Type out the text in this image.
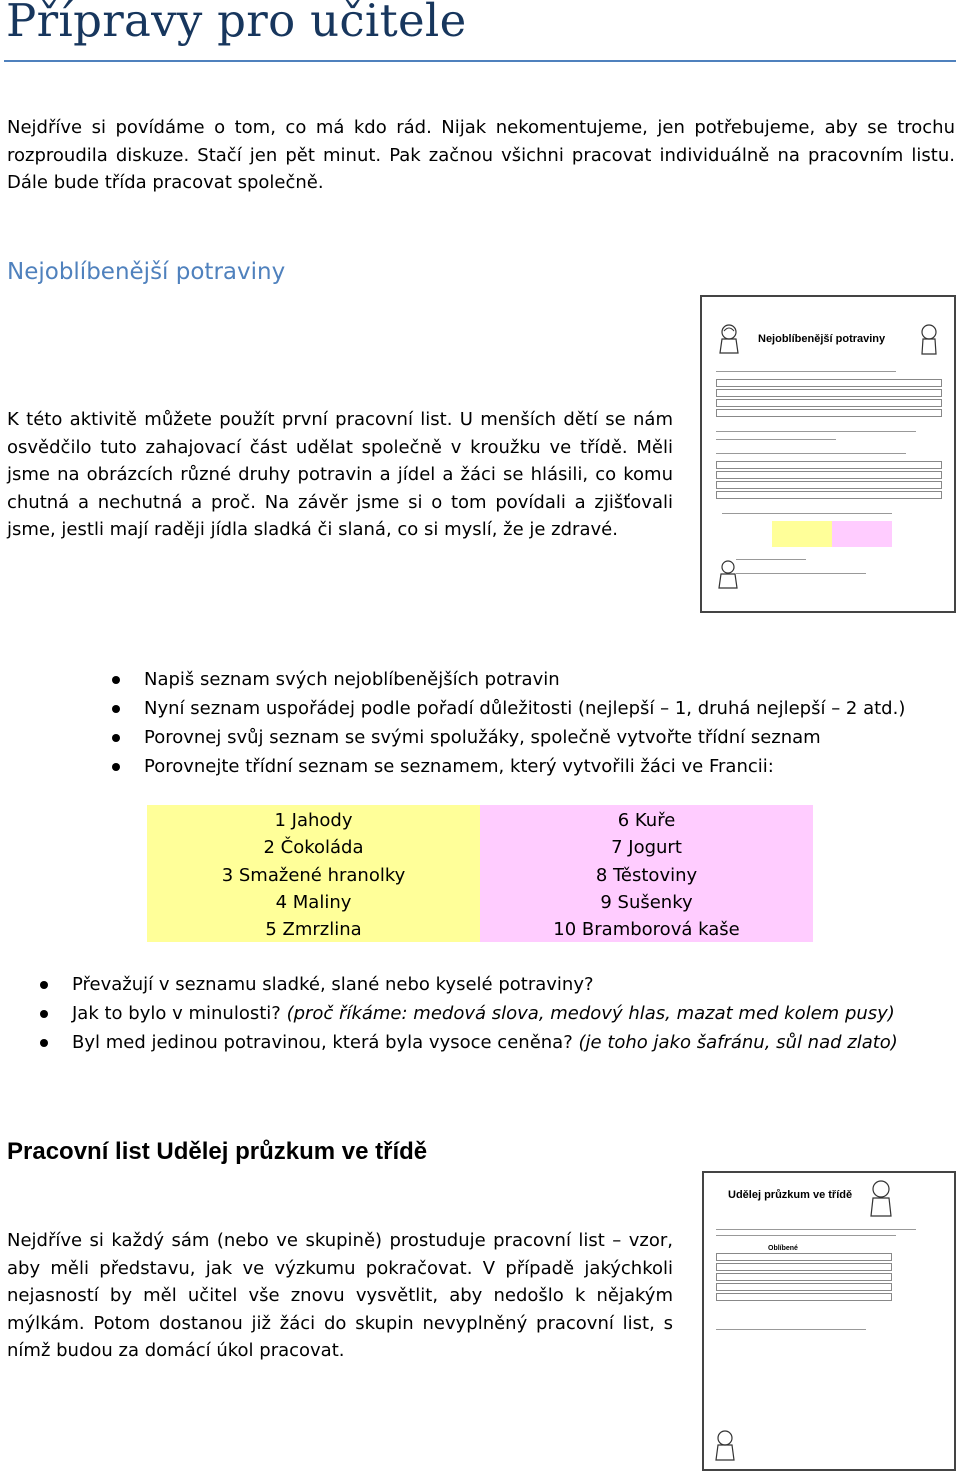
Přípravy pro učitele

Nejdříve si povídáme o tom, co má kdo rád. Nijak nekomentujeme, jen potřebujeme, aby se trochu rozproudila diskuze. Stačí jen pět minut. Pak začnou všichni pracovat individuálně na pracovním listu. Dále bude třída pracovat společně.

Nejoblíbenější potraviny

K této aktivitě můžete použít první pracovní list. U menších dětí se nám osvědčilo tuto zahajovací část udělat společně v kroužku ve třídě. Měli jsme na obrázcích různé druhy potravin a jídel a žáci se hlásili, co komu chutná a nechutná a proč. Na závěr jsme si o tom povídali a zjišťovali jsme, jestli mají raději jídla sladká či slaná, co si myslí, že je zdravé.

Nejoblíbenější potraviny
Napiš seznam svých nejoblíbenějších potravin
Nyní seznam uspořádej podle pořadí důležitosti (nejlepší – 1, druhá nejlepší – 2 atd.)
Porovnej svůj seznam se svými spolužáky, společně vytvořte třídní seznam
Porovnejte třídní seznam se seznamem, který vytvořili žáci ve Francii:
1 Jahody
2 Čokoláda
3 Smažené hranolky
4 Maliny
5 Zmrzlina
6 Kuře
7 Jogurt
8 Těstoviny
9 Sušenky
10 Bramborová kaše
Převažují v seznamu sladké, slané nebo kyselé potraviny?
Jak to bylo v minulosti? (proč říkáme: medová slova, medový hlas, mazat med kolem pusy)
Byl med jedinou potravinou, která byla vysoce ceněna? (je toho jako šafránu, sůl nad zlato)
Pracovní list Udělej průzkum ve třídě

Nejdříve si každý sám (nebo ve skupině) prostuduje pracovní list – vzor, aby měli představu, jak ve výzkumu pokračovat. V případě jakýchkoli nejasností by měl učitel vše znovu vysvětlit, aby nedošlo k nějakým mýlkám. Potom dostanou již žáci do skupin nevyplněný pracovní list, s nímž budou za domácí úkol pracovat.

Udělej průzkum ve třídě
Oblíbené
